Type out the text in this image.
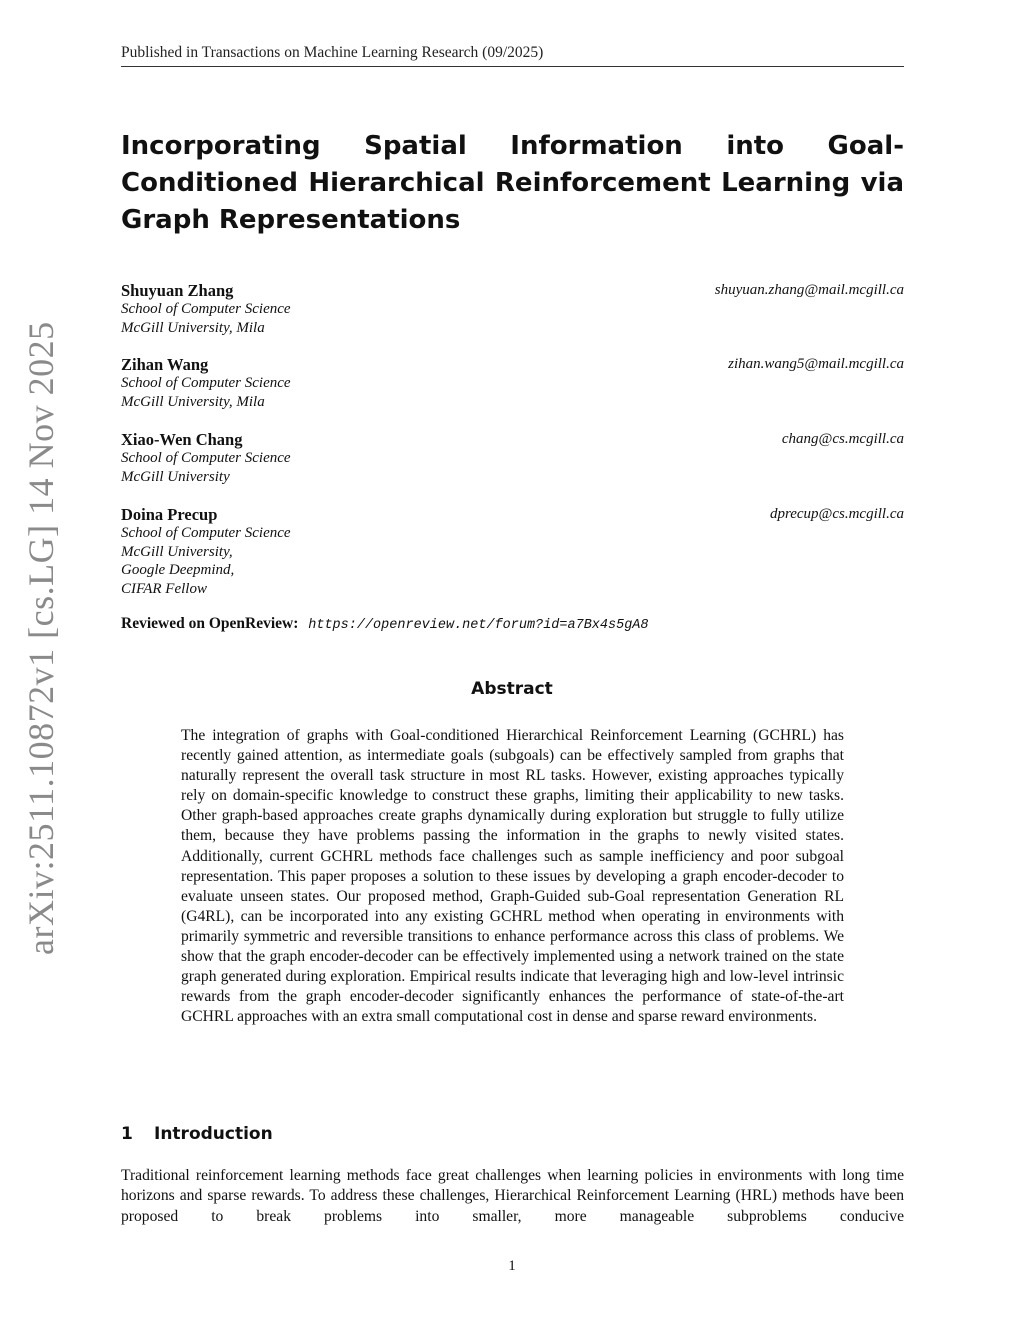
Published in Transactions on Machine Learning Research (09/2025)
arXiv:2511.10872v1 [cs.LG] 14 Nov 2025
Incorporating Spatial Information into Goal-Conditioned Hierarchical Reinforcement Learning via Graph Representations
Shuyuan Zhang	shuyuan.zhang@mail.mcgill.ca
School of Computer Science
McGill University, Mila
Zihan Wang	zihan.wang5@mail.mcgill.ca
School of Computer Science
McGill University, Mila
Xiao-Wen Chang	chang@cs.mcgill.ca
School of Computer Science
McGill University
Doina Precup	dprecup@cs.mcgill.ca
School of Computer Science
McGill University,
Google Deepmind,
CIFAR Fellow
Reviewed on OpenReview: https://openreview.net/forum?id=a7Bx4s5gA8
Abstract
The integration of graphs with Goal-conditioned Hierarchical Reinforcement Learning (GCHRL) has recently gained attention, as intermediate goals (subgoals) can be effectively sampled from graphs that naturally represent the overall task structure in most RL tasks. However, existing approaches typically rely on domain-specific knowledge to construct these graphs, limiting their applicability to new tasks. Other graph-based approaches create graphs dynamically during exploration but struggle to fully utilize them, because they have problems passing the information in the graphs to newly visited states. Additionally, current GCHRL methods face challenges such as sample inefficiency and poor subgoal representation. This paper proposes a solution to these issues by developing a graph encoder-decoder to evaluate unseen states. Our proposed method, Graph-Guided sub-Goal representation Generation RL (G4RL), can be incorporated into any existing GCHRL method when operating in environments with primarily symmetric and reversible transitions to enhance performance across this class of problems. We show that the graph encoder-decoder can be effectively implemented using a network trained on the state graph generated during exploration. Empirical results indicate that leveraging high and low-level intrinsic rewards from the graph encoder-decoder significantly enhances the performance of state-of-the-art GCHRL approaches with an extra small computational cost in dense and sparse reward environments.
1 Introduction
Traditional reinforcement learning methods face great challenges when learning policies in environments with long time horizons and sparse rewards. To address these challenges, Hierarchical Reinforcement Learning (HRL) methods have been proposed to break problems into smaller, more manageable subproblems conducive
1
